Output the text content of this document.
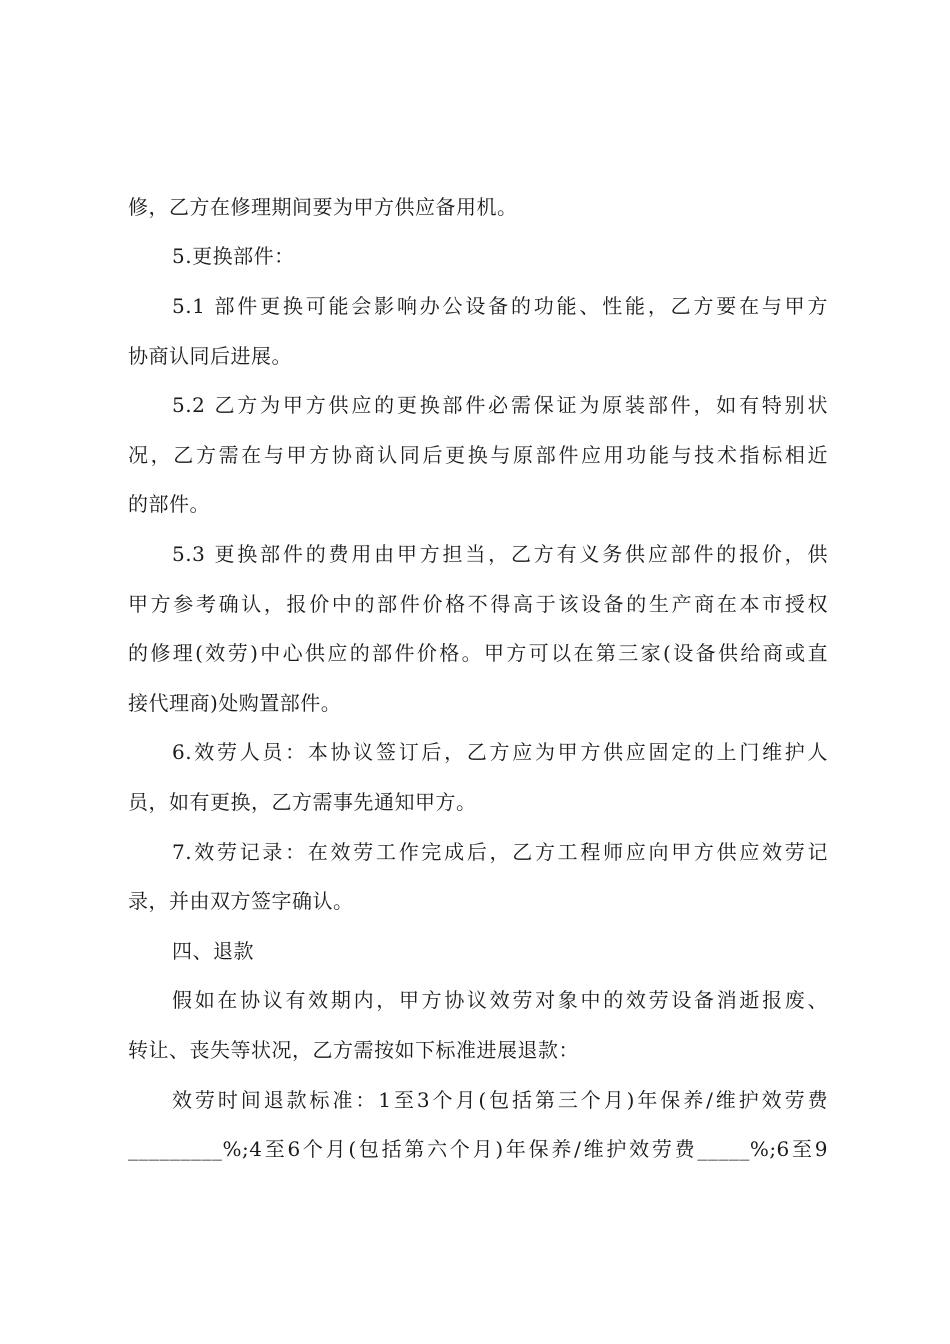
修，乙方在修理期间要为甲方供应备用机。
5.更换部件：
5.1 部件更换可能会影响办公设备的功能、性能，乙方要在与甲方
协商认同后进展。
5.2 乙方为甲方供应的更换部件必需保证为原装部件，如有特别状
况，乙方需在与甲方协商认同后更换与原部件应用功能与技术指标相近
的部件。
5.3 更换部件的费用由甲方担当，乙方有义务供应部件的报价，供
甲方参考确认，报价中的部件价格不得高于该设备的生产商在本市授权
的修理(效劳)中心供应的部件价格。甲方可以在第三家(设备供给商或直
接代理商)处购置部件。
6.效劳人员：本协议签订后，乙方应为甲方供应固定的上门维护人
员，如有更换，乙方需事先通知甲方。
7.效劳记录：在效劳工作完成后，乙方工程师应向甲方供应效劳记
录，并由双方签字确认。
四、退款
假如在协议有效期内，甲方协议效劳对象中的效劳设备消逝报废、
转让、丧失等状况，乙方需按如下标准进展退款：
效劳时间退款标准：1至3个月(包括第三个月)年保养/维护效劳费
_________%;4至6个月(包括第六个月)年保养/维护效劳费_____%;6至9
